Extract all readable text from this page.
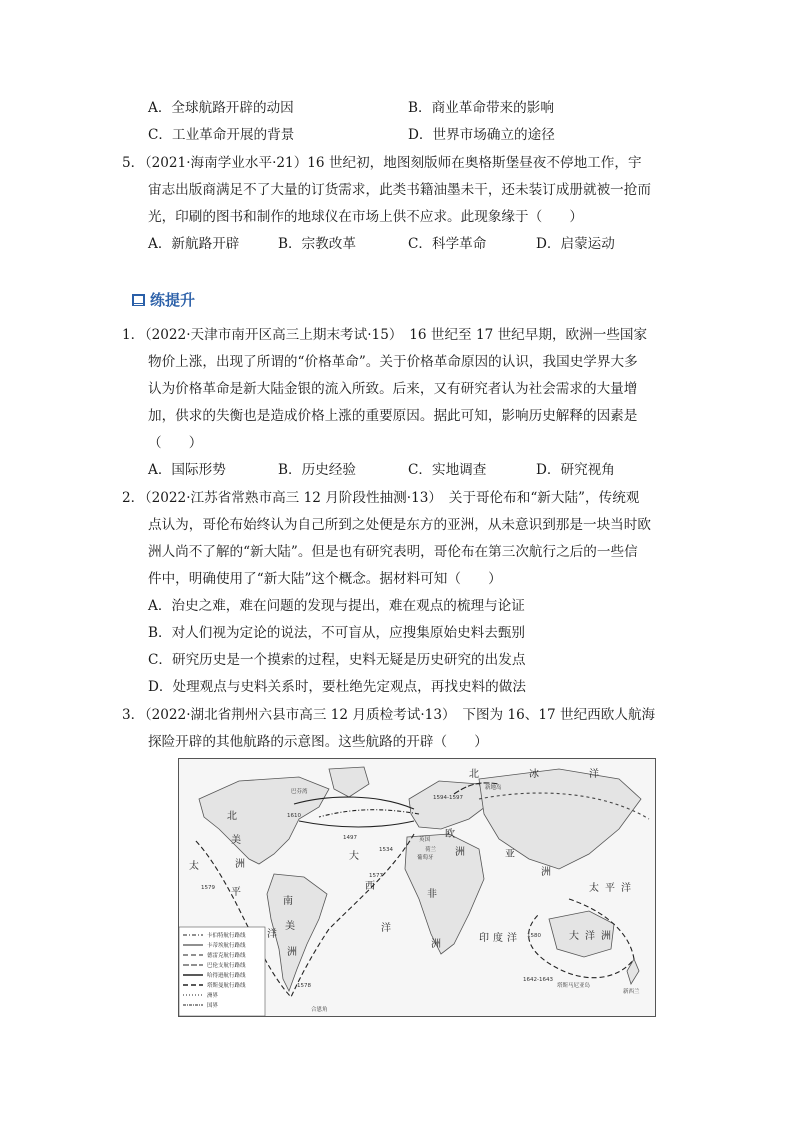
A．全球航路开辟的动因	B．商业革命带来的影响
C．工业革命开展的背景	D．世界市场确立的途径
5．
（2021·海南学业水平·21）16 世纪初，地图刻版师在奥格斯堡昼夜不停地工作，宇
宙志出版商满足不了大量的订货需求，此类书籍油墨未干，还未装订成册就被一抢而
光，印刷的图书和制作的地球仪在市场上供不应求。此现象缘于（　　）
A．新航路开辟	B．宗教改革	C．科学革命	D．启蒙运动
练提升
1．
（2022·天津市南开区高三上期末考试·15）　16 世纪至 17 世纪早期，欧洲一些国家
物价上涨，出现了所谓的“价格革命”。关于价格革命原因的认识，我国史学界大多
认为价格革命是新大陆金银的流入所致。后来，又有研究者认为社会需求的大量增
加，供求的失衡也是造成价格上涨的重要原因。据此可知，影响历史解释的因素是
（　　）
A．国际形势	B．历史经验	C．实地调查	D．研究视角
2．
（2022·江苏省常熟市高三 12 月阶段性抽测·13）　关于哥伦布和“新大陆”，传统观
点认为，哥伦布始终认为自己所到之处便是东方的亚洲，从未意识到那是一块当时欧
洲人尚不了解的“新大陆”。但是也有研究表明，哥伦布在第三次航行之后的一些信
件中，明确使用了“新大陆”这个概念。据材料可知（　　）
A．治史之难，难在问题的发现与提出，难在观点的梳理与论证
B．对人们视为定论的说法，不可盲从，应搜集原始史料去甄别
C．研究历史是一个摸索的过程，史料无疑是历史研究的出发点
D．处理观点与史料关系时，要杜绝先定观点，再找史料的做法
3．
（2022·湖北省荆州六县市高三 12 月质检考试·13）　下图为 16、17 世纪西欧人航海
探险开辟的其他航路的示意图。这些航路的开辟（　　）
北
美
洲
南
美
洲
太
平
洋
大
西
洋
欧
洲	亚
洲
非
洲
北	冰	洋
太平洋
印度洋	大洋洲
巴芬湾
新地岛
英国
荷兰
葡萄牙
塔斯马尼亚岛
新西兰
合恩角
1610
1497
1534
1577
1579
1594-1597
1642-1643
1580
1578
卡伯特航行路线
卡蒂埃航行路线
德雷克航行路线
巴伦支航行路线
哈得逊航行路线
塔斯曼航行路线
洲界
国界
